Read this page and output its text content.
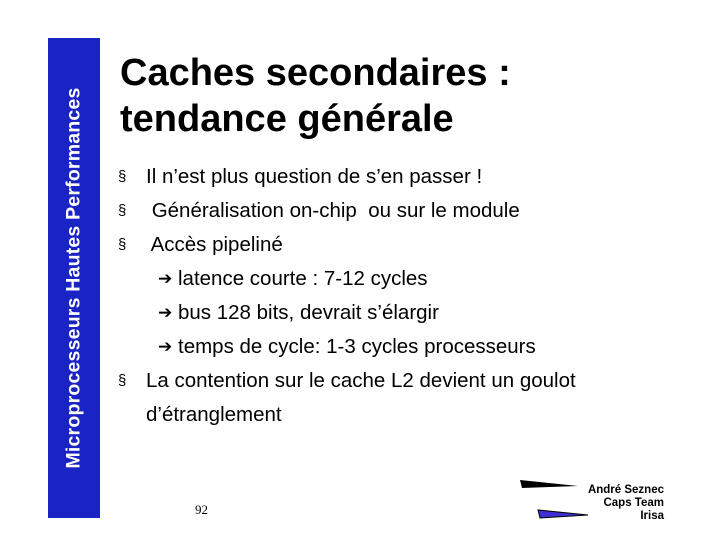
Microprocesseurs Hautes Performances
Caches secondaires :
tendance générale
§ Il n’est plus question de s’en passer !
§ Généralisation on-chip  ou sur le module
§ Accès pipeliné
➔ latence courte : 7-12 cycles
➔ bus 128 bits, devrait s’élargir
➔ temps de cycle: 1-3 cycles processeurs
§ La contention sur le cache L2 devient un goulot
d’étranglement
92
André Seznec
Caps Team
Irisa
